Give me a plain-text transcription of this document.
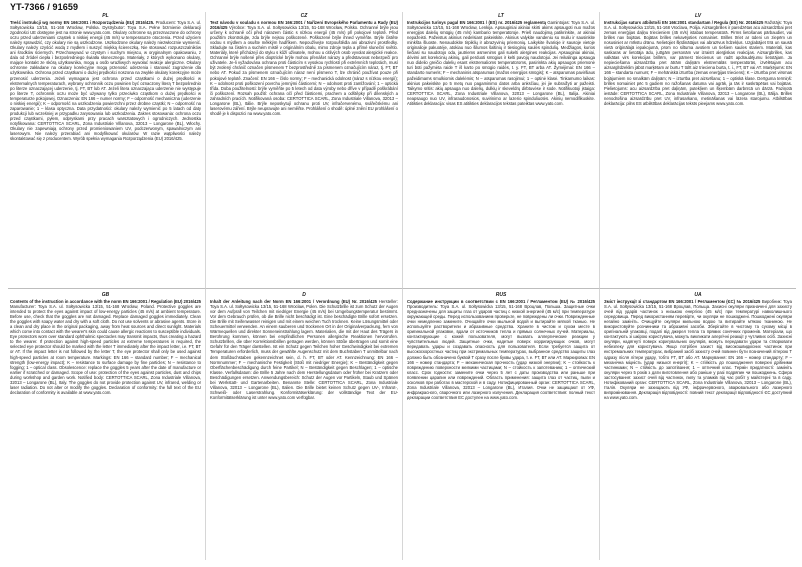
YT-7366 / 91659
PL
Treść instrukcji wg normy EN 166:2001 i Rozporządzenia (EU) 2016/425. Producent: Toya S.A. ul. Sołtysowicka 13/15, 51-168 Wrocław, Polska. Dystrybutor: Toya S.A. Pełne brzmienie deklaracji zgodności UE dostępne jest na stronie www.yato.com. Okulary ochronne są przeznaczone do ochrony oczu przed uderzeniami cząstek o niskiej energii (45 m/s) w temperaturze otoczenia. Przed użyciem należy sprawdzić, czy okulary nie są uszkodzone. Uszkodzone okulary należy niezwłocznie wymienić. Okulary należy czyścić wodą z mydłem i suszyć miękką ściereczką. Nie stosować rozpuszczalników ani środków ściernych. Przechowywać w czystym i suchym miejscu, w oryginalnym opakowaniu, z dala od źródeł ciepła i bezpośredniego światła słonecznego. Materiały, z których wykonano okulary, mające kontakt ze skórą użytkownika, mogą u osób wrażliwych wywołać reakcje alergiczne. Okulary ochronne zakładane na okulary korekcyjne mogą przenosić uderzenia i stanowić zagrożenie dla użytkownika. Ochrona przed cząstkami o dużej prędkości noszona na zwykłe okulary korekcyjne może przenosić uderzenia. Jeżeli wymagana jest ochrona przed cząstkami o dużej prędkości w ekstremalnych temperaturach, wybrany ochronnik oczu powinien być oznaczony literą T bezpośrednio po literze oznaczającej uderzenie, tj. FT, BT lub AT. Jeżeli litera oznaczająca uderzenie nie występuje po literze T, ochronnik oczu może być używany tylko przeciwko cząstkom o dużej prędkości w temperaturze pokojowej. Oznaczenia: EN 166 – numer normy; F – odporność mechaniczna (uderzenie o niskiej energii); K – odporność na uszkodzenia powierzchni przez drobne cząstki; N – odporność na zaparowanie; 1 – klasa optyczna. Data przydatności: okulary należy wymienić po 5 latach od daty produkcji lub wcześniej w przypadku zarysowania lub uszkodzenia. Zakres stosowania: ochrona oczu przed cząstkami, pyłem, odpryskami przy pracach warsztatowych i ogrodniczych. Jednostka notyfikowana: CERTOTTICA SCARL, Zona Industriale Villanova, 32013 – Longarone (BL), Włochy. Okulary nie zapewniają ochrony przed promieniowaniem UV, podczerwonym, spawalniczym ani laserowym. Nie należy przerabiać ani modyfikować okularów. W razie wątpliwości należy skontaktować się z producentem. Wyrób spełnia wymagania Rozporządzenia (EU) 2016/425.
CZ
Text návodu v souladu s normou EN 166:2001 / Nařízení Evropského Parlamentu a Rady (EU) 2016/425 Výrobce: Toya S.A. ul. Sołtysowicka 13/15, 51-168 Wrocław, Polsko. Ochranné brýle jsou určeny k ochraně očí před nárazem částic s nízkou energií (45 m/s) při pokojové teplotě. Před použitím zkontrolujte, zda brýle nejsou poškozené. Poškozené brýle ihned vyměňte. Brýle čistěte vodou s mýdlem a osušte měkkým hadříkem. Nepoužívejte rozpouštědla ani abrazivní prostředky. Skladujte na čistém a suchém místě v originálním obalu, mimo zdroje tepla a přímé sluneční světlo. Materiály, které přicházejí do styku s kůží uživatele, mohou u citlivých osob vyvolat alergické reakce. Ochranné brýle nošené přes dioptrické brýle mohou přenášet nárazy a představovat nebezpečí pro uživatele. Je-li vyžadována ochrana proti částicím s vysokou rychlostí při extrémních teplotách, musí být zvolený chránič označen písmenem T bezprostředně za písmenem označujícím náraz, tj. FT, BT nebo AT. Pokud za písmenem označujícím náraz není písmeno T, lze chránič používat pouze při pokojové teplotě. Značení: EN 166 – číslo normy; F – mechanická odolnost (náraz s nízkou energií); K – odolnost proti poškození povrchu jemnými částicemi; N – odolnost proti zamlžování; 1 – optická třída. Doba použitelnosti: brýle vyměňte po 5 letech od data výroby nebo dříve v případě poškrábání či poškození. Rozsah použití: ochrana očí před částicemi, prachem a odštěpky při dílenských a zahradních pracích. Notifikovaná osoba: CERTOTTICA SCARL, Zona Industriale Villanova, 32013 – Longarone (BL), Itálie. Brýle neposkytují ochranu proti UV, infračervenému, svářečskému ani laserovému záření. Brýle neupravujte ani neměňte. Prohlášení o shodě: úplné znění EU prohlášení o shodě je k dispozici na www.yato.com.
LT
Instrukcijos turinys pagal EN 166:2001 / (ES) nr. 2016/425 reglamentą Gamintojas: Toya S.A. ul. Sołtysowicka 13/15, 51-168 Wrocław, Lenkija. Apsauginiai akiniai skirti akims apsaugoti nuo mažos energijos dalelių smūgių (45 m/s) kambario temperatūroje. Prieš naudojimą patikrinkite, ar akiniai nepažeisti. Pažeistus akinius nedelsiant pakeiskite. Akinius valykite vandeniu su muilu ir sausinkite minkšta šluoste. Nenaudokite tirpiklių ir abrazyvinių priemonių. Laikykite švarioje ir sausoje vietoje originalioje pakuotėje, atokiau nuo šilumos šaltinių ir tiesioginių saulės spindulių. Medžiagos, kurios liečiasi su naudotojo oda, jautriems asmenims gali sukelti alergines reakcijas. Apsauginiai akiniai, dėvimi ant korekcinių akinių, gali perduoti smūgius ir kelti pavojų naudotojui. Jei reikalinga apsauga nuo didelio greičio dalelių esant ekstremalioms temperatūroms, pasirinkta akių apsaugos priemonė turi būti pažymėta raide T iš karto po smūgio raidės, t. y. FT, BT arba AT. Žymėjimai: EN 166 – standarto numeris; F – mechaninis atsparumas (mažos energijos smūgis); K – atsparumas paviršiaus pažeidimams smulkiomis dalelėmis; N – atsparumas rasojimui; 1 – optinė klasė. Tinkamumo laikas: akinius pakeiskite po 5 metų nuo pagaminimo datos arba anksčiau, jei jie subraižyti ar pažeisti. Taikymo sritis: akių apsauga nuo dalelių, dulkių ir skeveldrų dirbtuvėse ir sode. Notifikuotoji įstaiga: CERTOTTICA SCARL, Zona Industriale Villanova, 32013 – Longarone (BL), Italija. Akiniai neapsaugo nuo UV, infraraudonosios, suvirinimo ar lazerio spinduliuotės. Akinių nemodifikuokite. Atitikties deklaracija: visas ES atitikties deklaracijos tekstas pateiktas www.yato.com.
LV
Instrukcijas saturs atbilstoši EN 166:2001 standartam / Regula (ES) Nr. 2016/425 Ražotājs: Toya S.A. ul. Sołtysowicka 13/15, 51-168 Vroclava, Polija. Aizsargbrilles ir paredzētas acu aizsardzībai pret zemas enerģijas daļiņu triecieniem (45 m/s) istabas temperatūrā. Pirms lietošanas pārbaudiet, vai brilles nav bojātas. Bojātas brilles nekavējoties nomainiet. Brilles tīriet ar ūdeni un ziepēm un nosusiniet ar mīkstu drānu. Nelietojiet šķīdinātājus vai abrazīvus līdzekļus. Uzglabājiet tīrā un sausā vietā oriģinālajā iepakojumā, prom no siltuma avotiem un tiešiem saules stariem. Materiāli, kas saskaras ar lietotāja ādu, jutīgām personām var izraisīt alerģiskas reakcijas. Aizsargbrilles, kas valkātas virs korekcijas brillēm, var pārnest triecienus un radīt apdraudējumu lietotājam. Ja nepieciešama aizsardzība pret ātrām daļiņām ekstremālās temperatūrās, izvēlētajam acu aizsarglīdzeklim jābūt marķētam ar burtu T tūlīt aiz trieciena burta, t. i., FT, BT vai AT. Marķējums: EN 166 – standarta numurs; F – mehāniskā izturība (zemas enerģijas trieciens); K – izturība pret virsmas bojājumiem no smalkām daļiņām; N – izturība pret aizsvīšanu; 1 – optiskā klase. Derīguma termiņš: brilles nomainiet pēc 5 gadiem no ražošanas datuma vai agrāk, ja tās ir saskrāpētas vai bojātas. Pielietojums: acu aizsardzība pret daļiņām, putekļiem un šķembām darbnīcā un dārzā. Paziņotā iestāde: CERTOTTICA SCARL, Zona Industriale Villanova, 32013 – Longarone (BL), Itālija. Brilles nenodrošina aizsardzību pret UV, infrasarkano, metināšanas vai lāzera starojumu. Atbilstības deklarācija: pilns ES atbilstības deklarācijas teksts pieejams www.yato.com.
GB
Contents of the instruction in accordance with the norm EN 166:2001 / Regulation (EU) 2016/425 Manufacturer: Toya S.A. ul. Sołtysowicka 13/15, 51-168 Wrocław, Poland. Protective goggles are intended to protect the eyes against impact of low-energy particles (45 m/s) at ambient temperature. Before use, check that the goggles are not damaged. Replace damaged goggles immediately. Clean the goggles with soapy water and dry with a soft cloth. Do not use solvents or abrasive agents. Store in a clean and dry place in the original packaging, away from heat sources and direct sunlight. Materials which come into contact with the wearer's skin could cause allergic reactions to susceptible individuals. Eye protectors worn over standard ophthalmic spectacles may transmit impacts, thus creating a hazard to the wearer. If protection against high-speed particles at extreme temperatures is required, the selected eye protector should be marked with the letter T immediately after the impact letter, i.e. FT, BT or AT. If the impact letter is not followed by the letter T, the eye protector shall only be used against high-speed particles at room temperature. Markings: EN 166 – standard number; F – mechanical strength (low-energy impact); K – resistance to surface damage by fine particles; N – resistance to fogging; 1 – optical class. Obsolescence: replace the goggles 5 years after the date of manufacture or earlier if scratched or damaged. Scope of use: protection of the eyes against particles, dust and chips during workshop and garden work. Notified body: CERTOTTICA SCARL, Zona Industriale Villanova, 32013 – Longarone (BL), Italy. The goggles do not provide protection against UV, infrared, welding or laser radiation. Do not alter or modify the goggles. Declaration of conformity: the full text of the EU declaration of conformity is available at www.yato.com.
D
Inhalt der Anleitung nach der Norm EN 166:2001 / Verordnung (EU) Nr. 2016/425 Hersteller: Toya S.A. ul. Sołtysowicka 13/15, 51-168 Wrocław, Polen. Die Schutzbrille ist zum Schutz der Augen vor dem Aufprall von Teilchen mit niedriger Energie (45 m/s) bei Umgebungstemperatur bestimmt. Vor dem Gebrauch prüfen, ob die Brille nicht beschädigt ist. Eine beschädigte Brille sofort ersetzen. Die Brille mit Seifenwasser reinigen und mit einem weichen Tuch trocknen. Keine Lösungsmittel oder Scheuermittel verwenden. An einem sauberen und trockenen Ort in der Originalverpackung, fern von Wärmequellen und direkter Sonneneinstrahlung lagern. Materialien, die mit der Haut des Trägers in Berührung kommen, können bei empfindlichen Personen allergische Reaktionen hervorrufen. Schutzbrillen, die über Korrektionsbrillen getragen werden, können Stöße übertragen und somit eine Gefahr für den Träger darstellen. Ist ein Schutz gegen Teilchen hoher Geschwindigkeit bei extremen Temperaturen erforderlich, muss der gewählte Augenschutz mit dem Buchstaben T unmittelbar nach dem Stoßbuchstaben gekennzeichnet sein, d. h. FT, BT oder AT. Kennzeichnung: EN 166 – Normnummer; F – mechanische Festigkeit (Stoß mit niedriger Energie); K – Beständigkeit gegen Oberflächenbeschädigung durch feine Partikel; N – Beständigkeit gegen Beschlagen; 1 – optische Klasse. Verfallsdatum: die Brille 5 Jahre nach dem Herstellungsdatum oder früher bei Kratzern oder Beschädigungen ersetzen. Anwendungsbereich: Schutz der Augen vor Partikeln, Staub und Spänen bei Werkstatt- und Gartenarbeiten. Benannte Stelle: CERTOTTICA SCARL, Zona Industriale Villanova, 32013 – Longarone (BL), Italien. Die Brille bietet keinen Schutz gegen UV-, Infrarot-, Schweiß- oder Laserstrahlung. Konformitätserklärung: der vollständige Text der EU-Konformitätserklärung ist unter www.yato.com verfügbar.
RUS
Содержание инструкции в соответствии с EN 166:2001 / Регламентом (EU) № 2016/425 Производитель: Toya S.A. ul. Sołtysowicka 13/15, 51-168 Вроцлав, Польша. Защитные очки предназначены для защиты глаз от ударов частиц с низкой энергией (45 м/с) при температуре окружающей среды. Перед использованием проверьте, не повреждены ли очки. Поврежденные очки немедленно замените. Очищайте очки мыльной водой и вытирайте мягкой тканью. Не используйте растворители и абразивные средства. Храните в чистом и сухом месте в оригинальной упаковке, вдали от источников тепла и прямых солнечных лучей. Материалы, контактирующие с кожей пользователя, могут вызвать аллергические реакции у чувствительных людей. Защитные очки, надетые поверх корригирующих очков, могут передавать удары и создавать опасность для пользователя. Если требуется защита от высокоскоростных частиц при экстремальных температурах, выбранное средство защиты глаз должно быть обозначено буквой T сразу после буквы удара, т. е. FT, BT или AT. Маркировка: EN 166 – номер стандарта; F – механическая прочность (удар низкой энергии); K – стойкость к повреждению поверхности мелкими частицами; N – стойкость к запотеванию; 1 – оптический класс. Срок годности: замените очки через 5 лет с даты производства или раньше при появлении царапин или повреждений. Область применения: защита глаз от частиц, пыли и осколков при работах в мастерской и в саду. Нотифицированный орган: CERTOTTICA SCARL, Zona Industriale Villanova, 32013 – Longarone (BL), Италия. Очки не защищают от УФ, инфракрасного, сварочного или лазерного излучения. Декларация соответствия: полный текст декларации соответствия ЕС доступен на www.yato.com.
UA
Зміст інструкції зі стандартом EN 166:2001 / Регламентом (ЄС) № 2016/425 Виробник: Toya S.A. ul. Sołtysowicka 13/15, 51-168 Вроцлав, Польща. Захисні окуляри призначені для захисту очей від ударів частинок з низькою енергією (45 м/с) при температурі навколишнього середовища. Перед використанням перевірте, чи окуляри не пошкоджені. Пошкоджені окуляри негайно замініть. Очищуйте окуляри мильною водою та витирайте м'якою тканиною. Не використовуйте розчинники та абразивні засоби. Зберігайте в чистому та сухому місці в оригінальній упаковці, подалі від джерел тепла та прямих сонячних променів. Матеріали, що контактують зі шкірою користувача, можуть викликати алергічні реакції у чутливих осіб. Захисні окуляри, надягнуті поверх коригувальних окулярів, можуть передавати удари та створювати небезпеку для користувача. Якщо потрібен захист від високошвидкісних частинок при екстремальних температурах, вибраний засіб захисту очей повинен бути позначений літерою T одразу після літери удару, тобто FT, BT або AT. Маркування: EN 166 – номер стандарту; F – механічна міцність (удар низької енергії); K – стійкість до пошкодження поверхні дрібними частинками; N – стійкість до запотівання; 1 – оптичний клас. Термін придатності: замініть окуляри через 5 років з дати виготовлення або раніше у разі подряпин чи пошкоджень. Сфера застосування: захист очей від частинок, пилу та уламків під час робіт у майстерні та в саду. Нотифікований орган: CERTOTTICA SCARL, Zona Industriale Villanova, 32013 – Longarone (BL), Італія. Окуляри не захищають від УФ, інфрачервоного, зварювального або лазерного випромінювання. Декларація відповідності: повний текст декларації відповідності ЄС доступний на www.yato.com.
